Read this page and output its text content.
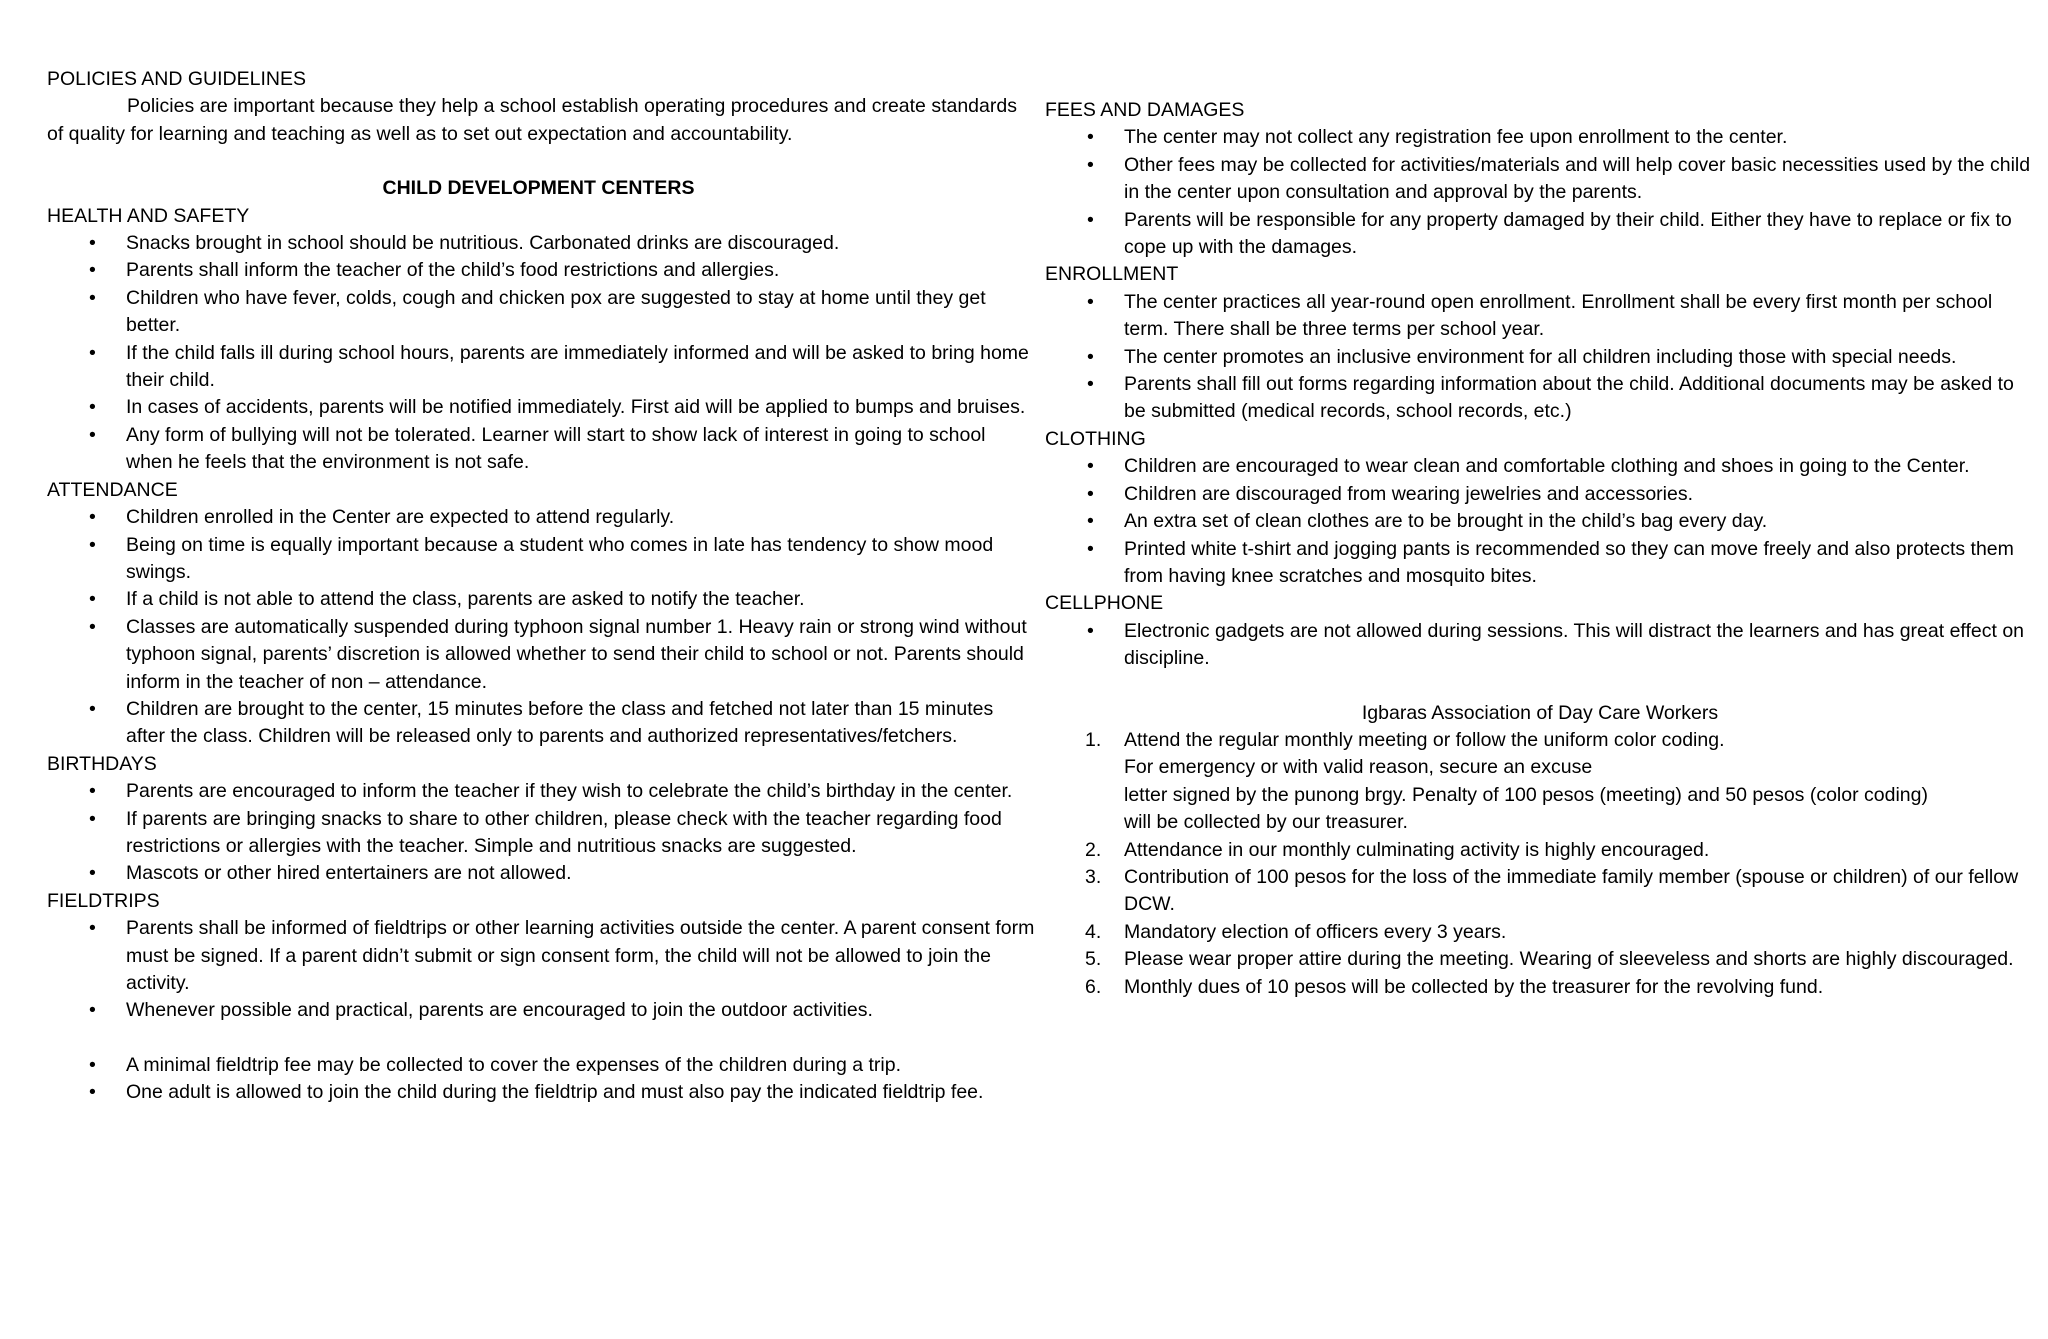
POLICIES AND GUIDELINES

Policies are important because they help a school establish operating procedures and create standards of quality for learning and teaching as well as to set out expectation and accountability.

CHILD DEVELOPMENT CENTERS

HEALTH AND SAFETY

• Snacks brought in school should be nutritious. Carbonated drinks are discouraged.
• Parents shall inform the teacher of the child’s food restrictions and allergies.
• Children who have fever, colds, cough and chicken pox are suggested to stay at home until they get better.
• If the child falls ill during school hours, parents are immediately informed and will be asked to bring home their child.
• In cases of accidents, parents will be notified immediately. First aid will be applied to bumps and bruises.
• Any form of bullying will not be tolerated. Learner will start to show lack of interest in going to school when he feels that the environment is not safe.

ATTENDANCE

• Children enrolled in the Center are expected to attend regularly.
• Being on time is equally important because a student who comes in late has tendency to show mood swings.
• If a child is not able to attend the class, parents are asked to notify the teacher.
• Classes are automatically suspended during typhoon signal number 1. Heavy rain or strong wind without typhoon signal, parents’ discretion is allowed whether to send their child to school or not. Parents should inform in the teacher of non – attendance.
• Children are brought to the center, 15 minutes before the class and fetched not later than 15 minutes after the class. Children will be released only to parents and authorized representatives/fetchers.

BIRTHDAYS

• Parents are encouraged to inform the teacher if they wish to celebrate the child’s birthday in the center.
• If parents are bringing snacks to share to other children, please check with the teacher regarding food restrictions or allergies with the teacher. Simple and nutritious snacks are suggested.
• Mascots or other hired entertainers are not allowed.

FIELDTRIPS

• Parents shall be informed of fieldtrips or other learning activities outside the center. A parent consent form must be signed. If a parent didn’t submit or sign consent form, the child will not be allowed to join the activity.
• Whenever possible and practical, parents are encouraged to join the outdoor activities.
• A minimal fieldtrip fee may be collected to cover the expenses of the children during a trip.
• One adult is allowed to join the child during the fieldtrip and must also pay the indicated fieldtrip fee.

FEES AND DAMAGES

• The center may not collect any registration fee upon enrollment to the center.
• Other fees may be collected for activities/materials and will help cover basic necessities used by the child in the center upon consultation and approval by the parents.
• Parents will be responsible for any property damaged by their child. Either they have to replace or fix to cope up with the damages.

ENROLLMENT

• The center practices all year-round open enrollment. Enrollment shall be every first month per school term. There shall be three terms per school year.
• The center promotes an inclusive environment for all children including those with special needs.
• Parents shall fill out forms regarding information about the child. Additional documents may be asked to be submitted (medical records, school records, etc.)

CLOTHING

• Children are encouraged to wear clean and comfortable clothing and shoes in going to the Center.
• Children are discouraged from wearing jewelries and accessories.
• An extra set of clean clothes are to be brought in the child’s bag every day.
• Printed white t-shirt and jogging pants is recommended so they can move freely and also protects them from having knee scratches and mosquito bites.

CELLPHONE

• Electronic gadgets are not allowed during sessions. This will distract the learners and has great effect on discipline.

Igbaras Association of Day Care Workers

1. Attend the regular monthly meeting or follow the uniform color coding.
For emergency or with valid reason, secure an excuse
letter signed by the punong brgy. Penalty of 100 pesos (meeting) and 50 pesos (color coding)
will be collected by our treasurer.
2. Attendance in our monthly culminating activity is highly encouraged.
3. Contribution of 100 pesos for the loss of the immediate family member (spouse or children) of our fellow DCW.
4. Mandatory election of officers every 3 years.
5. Please wear proper attire during the meeting. Wearing of sleeveless and shorts are highly discouraged.
6. Monthly dues of 10 pesos will be collected by the treasurer for the revolving fund.
